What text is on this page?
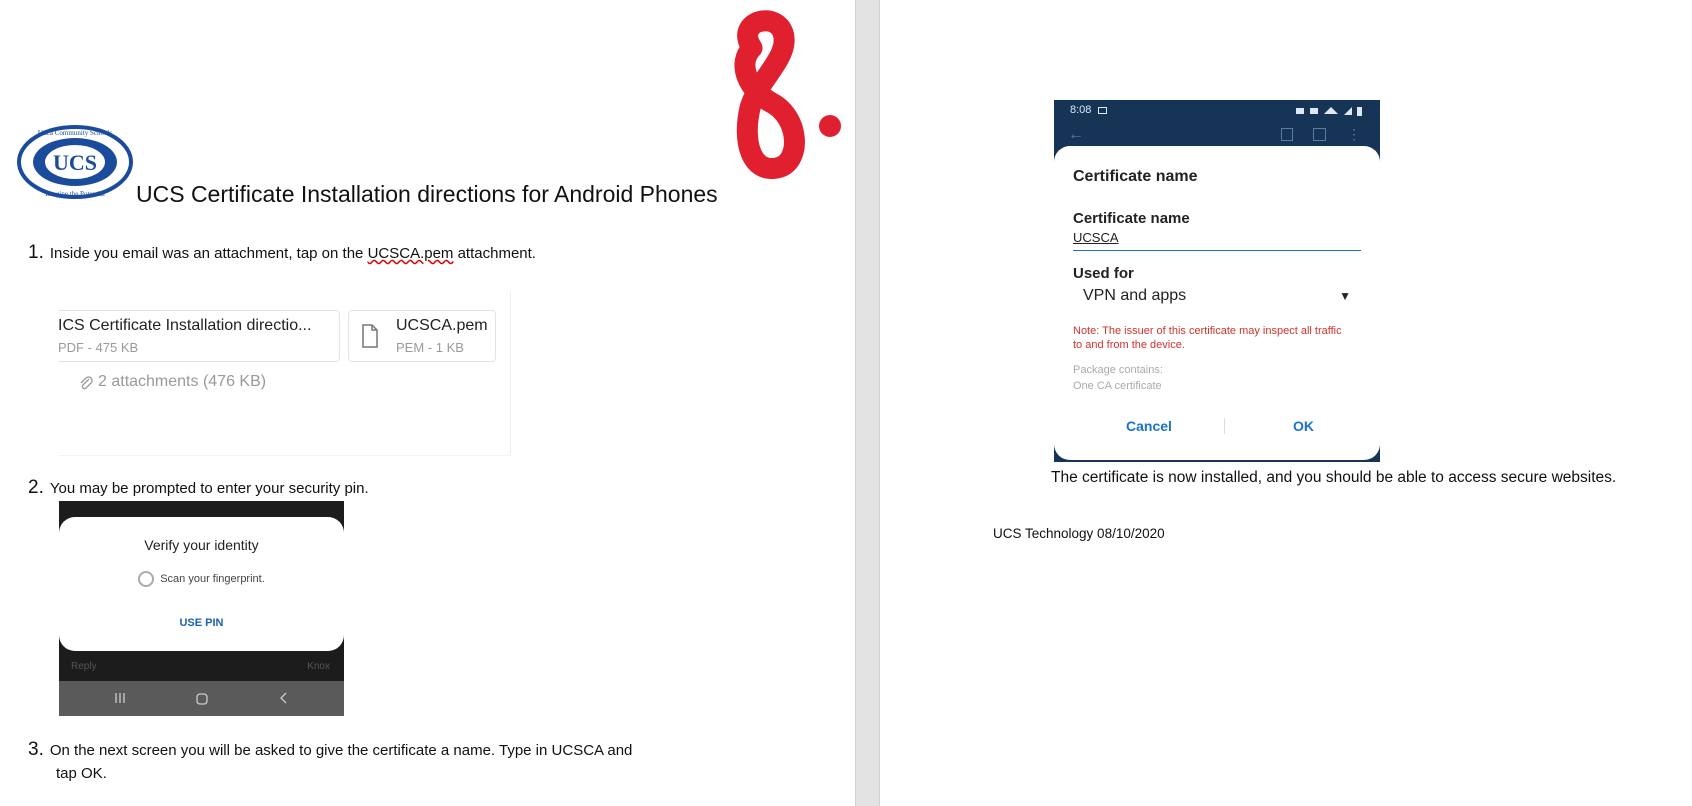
UCS
Utica Community Schools
Imagine the Potential UCS Certificate Installation directions for Android Phones
1. Inside you email was an attachment, tap on the UCSCA.pem attachment.
ICS Certificate Installation directio...
PDF - 475 KB
UCSCA.pem
PEM - 1 KB
2 attachments (476 KB)
2. You may be prompted to enter your security pin.
Verify your identity
Scan your fingerprint.
USE PIN
Reply	Knox
3. On the next screen you will be asked to give the certificate a name. Type in UCSCA and
tap OK.
8:08
←	⋮
Certificate name
Certificate name
UCSCA
Used for
VPN and apps	▼
Note: The issuer of this certificate may inspect all traffic to and from the device.
Package contains:
One CA certificate
Cancel	OK
The certificate is now installed, and you should be able to access secure websites.
UCS Technology 08/10/2020
